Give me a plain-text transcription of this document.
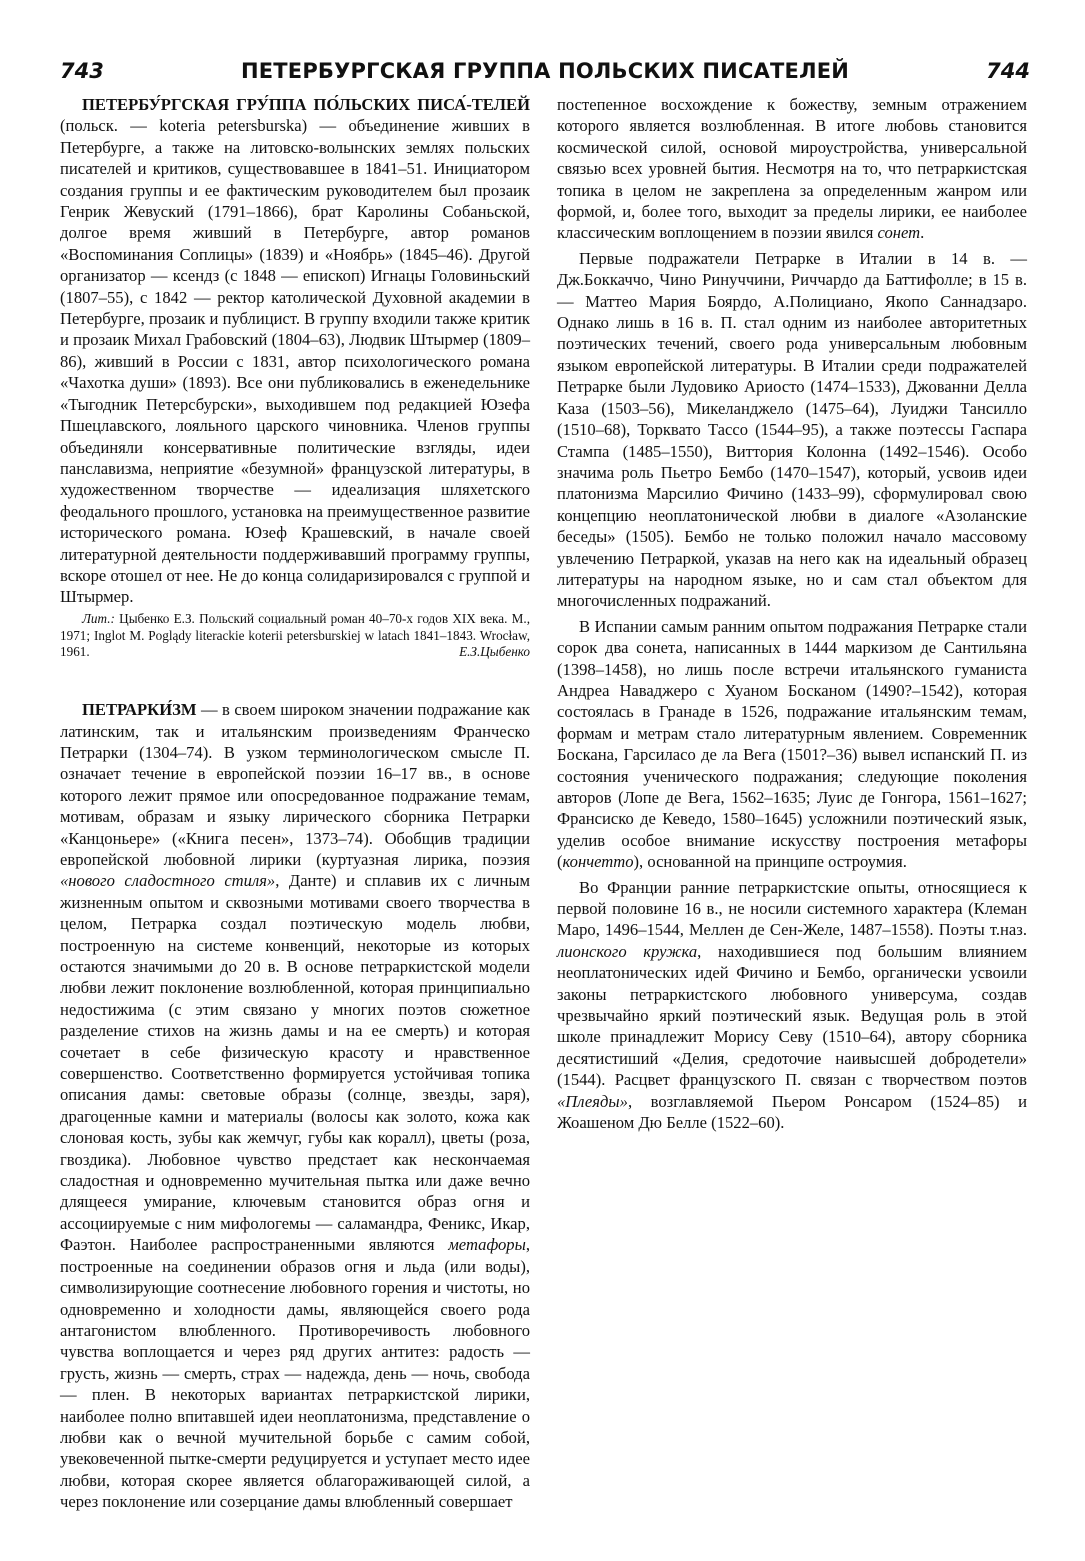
ПЕТЕРБУРГСКАЯ ГРУППА ПОЛЬСКИХ ПИСАТЕЛЕЙ
743	744

ПЕТЕРБУ́РГСКАЯ ГРУ́ППА ПО́ЛЬСКИХ ПИСА́-ТЕЛЕЙ (польск. — koteria petersburska) — объединение живших в Петербурге, а также на литовско-волынских землях польских писателей и критиков, существовавшее в 1841–51. Инициатором создания группы и ее фактическим руководителем был прозаик Генрик Жевуский (1791–1866), брат Каролины Собаньской, долгое время живший в Петербурге, автор романов «Воспоминания Соплицы» (1839) и «Ноябрь» (1845–46). Другой организатор — ксендз (с 1848 — епископ) Игнацы Головиньский (1807–55), с 1842 — ректор католической Духовной академии в Петербурге, прозаик и публицист. В группу входили также критик и прозаик Михал Грабовский (1804–63), Людвик Штырмер (1809–86), живший в России с 1831, автор психологического романа «Чахотка души» (1893). Все они публиковались в еженедельнике «Тыгодник Петерсбурски», выходившем под редакцией Юзефа Пшецлавского, лояльного царского чиновника. Членов группы объединяли консервативные политические взгляды, идеи панславизма, неприятие «безумной» французской литературы, в художественном творчестве — идеализация шляхетского феодального прошлого, установка на преимущественное развитие исторического романа. Юзеф Крашевский, в начале своей литературной деятельности поддерживавший программу группы, вскоре отошел от нее. Не до конца солидаризировался с группой и Штырмер.

Лит.: Цыбенко Е.З. Польский социальный роман 40–70-х годов XIX века. М., 1971; Inglot M. Poglądy literackie koterii petersburskiej w latach 1841–1843. Wrocław, 1961.	Е.З.Цыбенко

ПЕТРАРКИ́ЗМ — в своем широком значении подражание как латинским, так и итальянским произведениям Франческо Петрарки (1304–74). В узком терминологическом смысле П. означает течение в европейской поэзии 16–17 вв., в основе которого лежит прямое или опосредованное подражание темам, мотивам, образам и языку лирического сборника Петрарки «Канцоньере» («Книга песен», 1373–74). Обобщив традиции европейской любовной лирики (куртуазная лирика, поэзия «нового сладостного стиля», Данте) и сплавив их с личным жизненным опытом и сквозными мотивами своего творчества в целом, Петрарка создал поэтическую модель любви, построенную на системе конвенций, некоторые из которых остаются значимыми до 20 в. В основе петраркистской модели любви лежит поклонение возлюбленной, которая принципиально недостижима (с этим связано у многих поэтов сюжетное разделение стихов на жизнь дамы и на ее смерть) и которая сочетает в себе физическую красоту и нравственное совершенство. Соответственно формируется устойчивая топика описания дамы: световые образы (солнце, звезды, заря), драгоценные камни и материалы (волосы как золото, кожа как слоновая кость, зубы как жемчуг, губы как коралл), цветы (роза, гвоздика). Любовное чувство предстает как нескончаемая сладостная и одновременно мучительная пытка или даже вечно длящееся умирание, ключевым становится образ огня и ассоциируемые с ним мифологемы — саламандра, Феникс, Икар, Фаэтон. Наиболее распространенными являются метафоры, построенные на соединении образов огня и льда (или воды), символизирующие соотнесение любовного горения и чистоты, но одновременно и холодности дамы, являющейся своего рода антагонистом влюбленного. Противоречивость любовного чувства воплощается и через ряд других антитез: радость — грусть, жизнь — смерть, страх — надежда, день — ночь, свобода — плен. В некоторых вариантах петраркистской лирики, наиболее полно впитавшей идеи неоплатонизма, представление о любви как о вечной мучительной борьбе с самим собой, увековеченной пытке-смерти редуцируется и уступает место идее любви, которая скорее является облагораживающей силой, а через поклонение или созерцание дамы влюбленный совершает

постепенное восхождение к божеству, земным отражением которого является возлюбленная. В итоге любовь становится космической силой, основой мироустройства, универсальной связью всех уровней бытия. Несмотря на то, что петраркистская топика в целом не закреплена за определенным жанром или формой, и, более того, выходит за пределы лирики, ее наиболее классическим воплощением в поэзии явился сонет.

Первые подражатели Петрарке в Италии в 14 в. — Дж.Боккаччо, Чино Ринуччини, Риччардо да Баттифолле; в 15 в. — Маттео Мария Боярдо, А.Полициано, Якопо Саннадзаро. Однако лишь в 16 в. П. стал одним из наиболее авторитетных поэтических течений, своего рода универсальным любовным языком европейской литературы. В Италии среди подражателей Петрарке были Лудовико Ариосто (1474–1533), Джованни Делла Каза (1503–56), Микеланджело (1475–64), Луиджи Тансилло (1510–68), Торквато Тассо (1544–95), а также поэтессы Гаспара Стампа (1485–1550), Виттория Колонна (1492–1546). Особо значима роль Пьетро Бембо (1470–1547), который, усвоив идеи платонизма Марсилио Фичино (1433–99), сформулировал свою концепцию неоплатонической любви в диалоге «Азоланские беседы» (1505). Бембо не только положил начало массовому увлечению Петраркой, указав на него как на идеальный образец литературы на народном языке, но и сам стал объектом для многочисленных подражаний.

В Испании самым ранним опытом подражания Петрарке стали сорок два сонета, написанных в 1444 маркизом де Сантильяна (1398–1458), но лишь после встречи итальянского гуманиста Андреа Наваджеро с Хуаном Босканом (1490?–1542), которая состоялась в Гранаде в 1526, подражание итальянским темам, формам и метрам стало литературным явлением. Современник Боскана, Гарсиласо де ла Вега (1501?–36) вывел испанский П. из состояния ученического подражания; следующие поколения авторов (Лопе де Вега, 1562–1635; Луис де Гонгора, 1561–1627; Франсиско де Кеведо, 1580–1645) усложнили поэтический язык, уделив особое внимание искусству построения метафоры (кончетто), основанной на принципе остроумия.

Во Франции ранние петраркистские опыты, относящиеся к первой половине 16 в., не носили системного характера (Клеман Маро, 1496–1544, Меллен де Сен-Желе, 1487–1558). Поэты т.наз. лионского кружка, находившиеся под большим влиянием неоплатонических идей Фичино и Бембо, органически усвоили законы петраркистского любовного универсума, создав чрезвычайно яркий поэтический язык. Ведущая роль в этой школе принадлежит Морису Севу (1510–64), автору сборника десятистиший «Делия, средоточие наивысшей добродетели» (1544). Расцвет французского П. связан с творчеством поэтов «Плеяды», возглавляемой Пьером Ронсаром (1524–85) и Жоашеном Дю Белле (1522–60).
